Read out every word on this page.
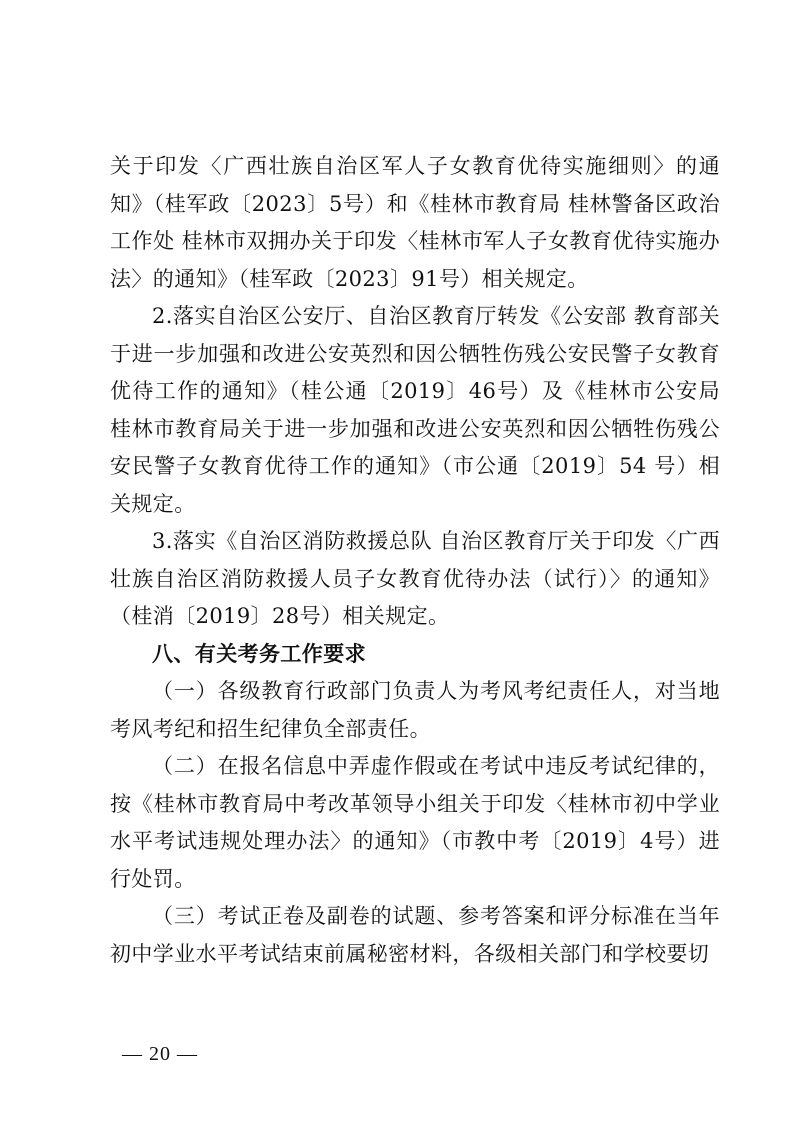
关于印发〈广西壮族自治区军人子女教育优待实施细则〉的通知》（桂军政〔2023〕5号）和《桂林市教育局 桂林警备区政治工作处 桂林市双拥办关于印发〈桂林市军人子女教育优待实施办法〉的通知》（桂军政〔2023〕91号）相关规定。

2.落实自治区公安厅、自治区教育厅转发《公安部 教育部关于进一步加强和改进公安英烈和因公牺牲伤残公安民警子女教育优待工作的通知》（桂公通〔2019〕46号）及《桂林市公安局 桂林市教育局关于进一步加强和改进公安英烈和因公牺牲伤残公安民警子女教育优待工作的通知》（市公通〔2019〕54 号）相关规定。

3.落实《自治区消防救援总队 自治区教育厅关于印发〈广西壮族自治区消防救援人员子女教育优待办法（试行）〉的通知》（桂消〔2019〕28号）相关规定。

八、有关考务工作要求

（一）各级教育行政部门负责人为考风考纪责任人，对当地考风考纪和招生纪律负全部责任。

（二）在报名信息中弄虚作假或在考试中违反考试纪律的，按《桂林市教育局中考改革领导小组关于印发〈桂林市初中学业水平考试违规处理办法〉的通知》（市教中考〔2019〕4号）进行处罚。

（三）考试正卷及副卷的试题、参考答案和评分标准在当年初中学业水平考试结束前属秘密材料，各级相关部门和学校要切

— 20 —
